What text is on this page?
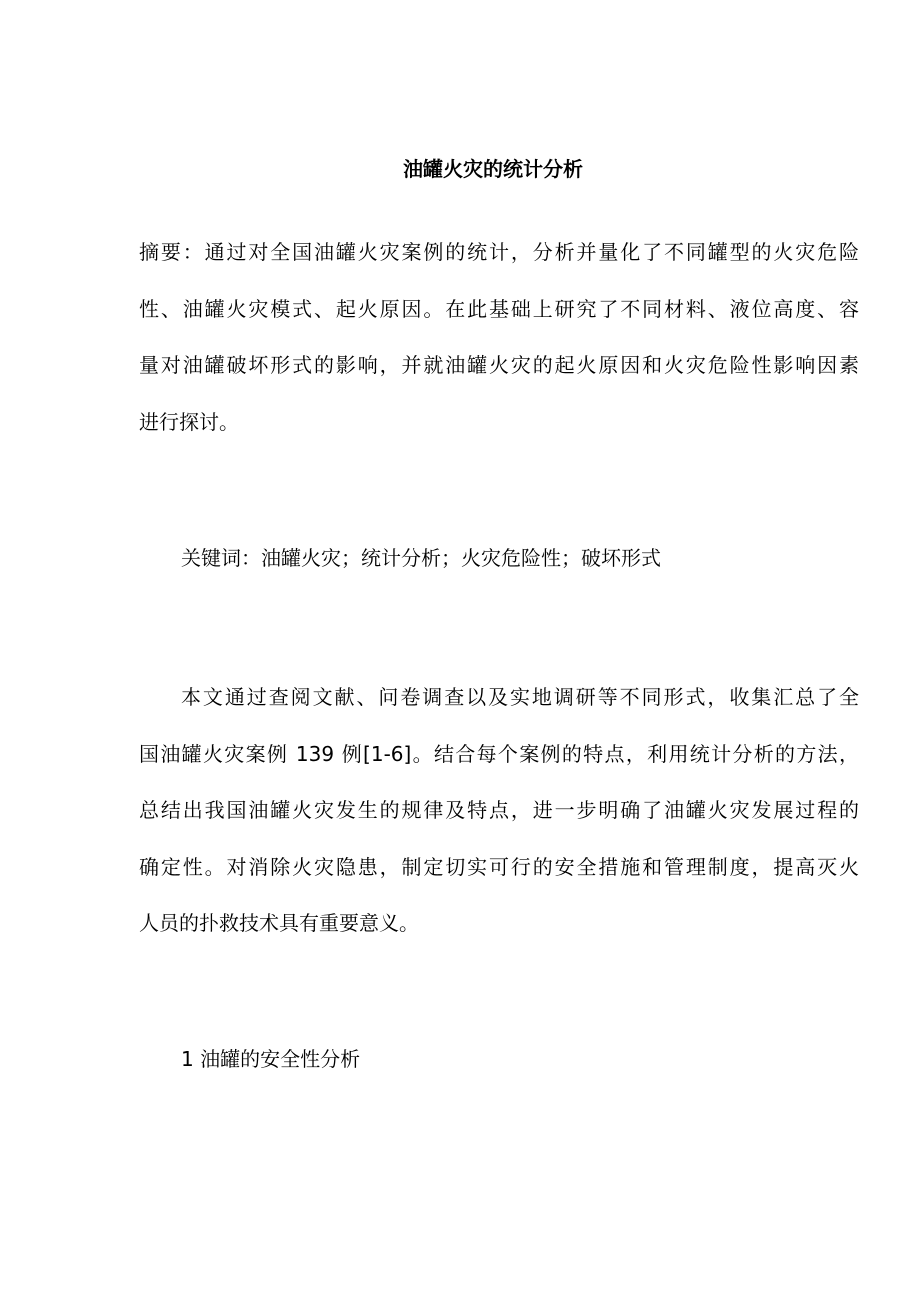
油罐火灾的统计分析
摘要：通过对全国油罐火灾案例的统计，分析并量化了不同罐型的火灾危险
性、油罐火灾模式、起火原因。在此基础上研究了不同材料、液位高度、容
量对油罐破坏形式的影响，并就油罐火灾的起火原因和火灾危险性影响因素
进行探讨。
关键词：油罐火灾；统计分析；火灾危险性；破坏形式
本文通过查阅文献、问卷调查以及实地调研等不同形式，收集汇总了全
国油罐火灾案例 139 例[1-6]。结合每个案例的特点，利用统计分析的方法，
总结出我国油罐火灾发生的规律及特点，进一步明确了油罐火灾发展过程的
确定性。对消除火灾隐患，制定切实可行的安全措施和管理制度，提高灭火
人员的扑救技术具有重要意义。
1 油罐的安全性分析
